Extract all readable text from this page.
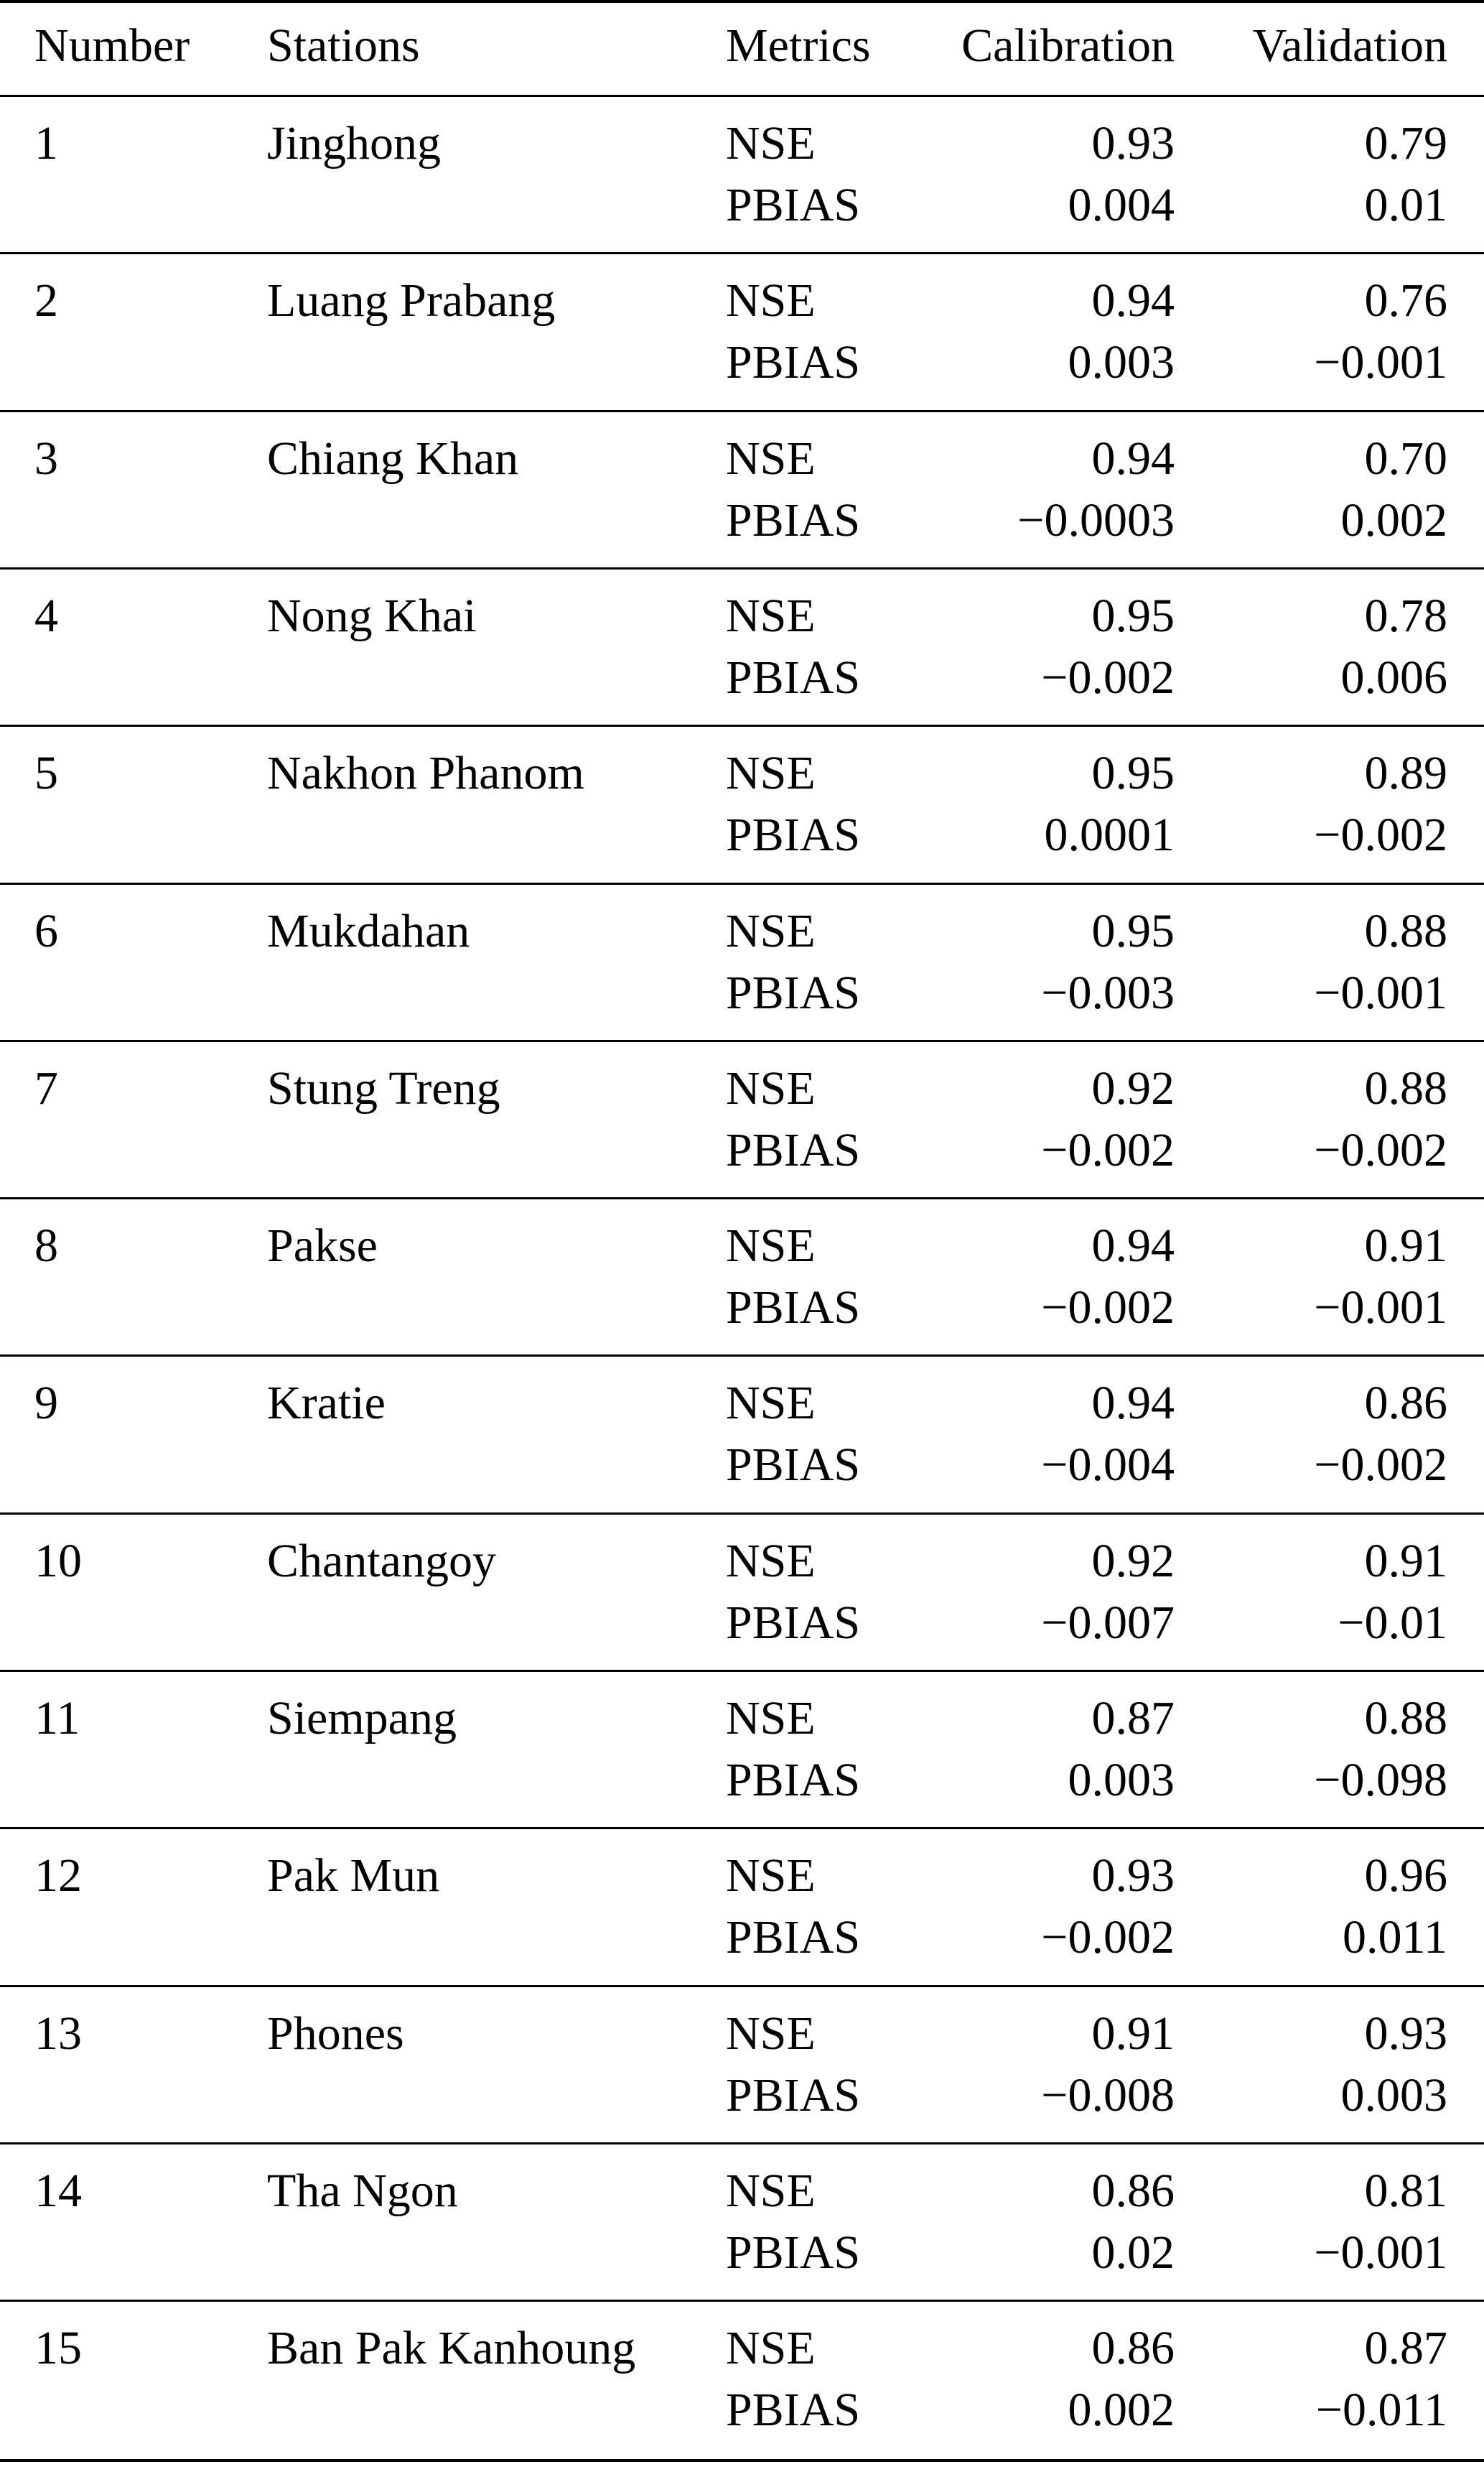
Number Stations	Metrics	Calibration	Validation
1	Jinghong	NSE	0.93	0.79
PBIAS	0.004	0.01
2	Luang Prabang	NSE	0.94	0.76
PBIAS	0.003	−0.001
3	Chiang Khan	NSE	0.94	0.70
PBIAS	−0.0003	0.002
4	Nong Khai	NSE	0.95	0.78
PBIAS	−0.002	0.006
5	Nakhon Phanom	NSE	0.95	0.89
PBIAS	0.0001	−0.002
6	Mukdahan	NSE	0.95	0.88
PBIAS	−0.003	−0.001
7	Stung Treng	NSE	0.92	0.88
PBIAS	−0.002	−0.002
8	Pakse	NSE	0.94	0.91
PBIAS	−0.002	−0.001
9	Kratie	NSE	0.94	0.86
PBIAS	−0.004	−0.002
10	Chantangoy	NSE	0.92	0.91
PBIAS	−0.007	−0.01
11	Siempang	NSE	0.87	0.88
PBIAS	0.003	−0.098
12	Pak Mun	NSE	0.93	0.96
PBIAS	−0.002	0.011
13	Phones	NSE	0.91	0.93
PBIAS	−0.008	0.003
14	Tha Ngon	NSE	0.86	0.81
PBIAS	0.02	−0.001
15	Ban Pak Kanhoung NSE	0.86	0.87
PBIAS	0.002	−0.011
